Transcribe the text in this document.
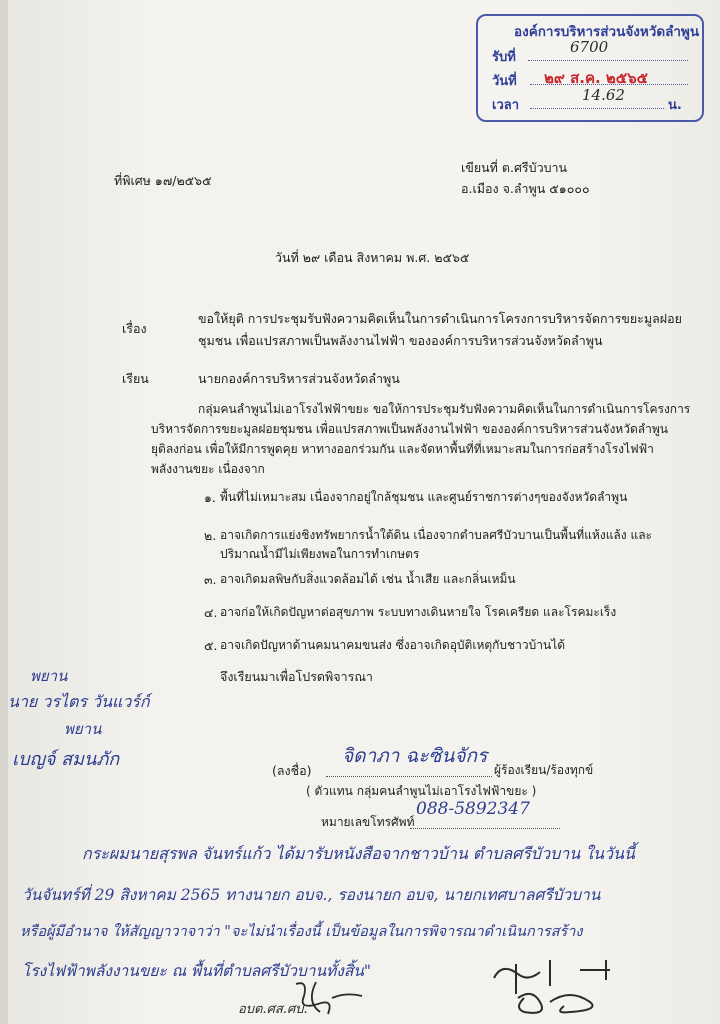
องค์การบริหารส่วนจังหวัดลำพูน
รับที่
6700
วันที่ ๒๙ ส.ค. ๒๕๖๕
เวลา
14.62
น.
ที่พิเศษ ๑๗/๒๕๖๕
เขียนที่ ต.ศรีบัวบาน
อ.เมือง จ.ลำพูน ๕๑๐๐๐
วันที่ ๒๙ เดือน สิงหาคม พ.ศ. ๒๕๖๕
เรื่อง
ขอให้ยุติ การประชุมรับฟังความคิดเห็นในการดำเนินการโครงการบริหารจัดการขยะมูลฝอย
ชุมชน เพื่อแปรสภาพเป็นพลังงานไฟฟ้า ขององค์การบริหารส่วนจังหวัดลำพูน
เรียน	นายกองค์การบริหารส่วนจังหวัดลำพูน
กลุ่มคนลำพูนไม่เอาโรงไฟฟ้าขยะ ขอให้การประชุมรับฟังความคิดเห็นในการดำเนินการโครงการ
บริหารจัดการขยะมูลฝอยชุมชน เพื่อแปรสภาพเป็นพลังงานไฟฟ้า ขององค์การบริหารส่วนจังหวัดลำพูน
ยุติลงก่อน เพื่อให้มีการพูดคุย หาทางออกร่วมกัน และจัดหาพื้นที่ที่เหมาะสมในการก่อสร้างโรงไฟฟ้า
พลังงานขยะ เนื่องจาก
๑. พื้นที่ไม่เหมาะสม เนื่องจากอยู่ใกล้ชุมชน และศูนย์ราชการต่างๆของจังหวัดลำพูน
๒. อาจเกิดการแย่งชิงทรัพยากรน้ำใต้ดิน เนื่องจากตำบลศรีบัวบานเป็นพื้นที่แห้งแล้ง และ
ปริมาณน้ำมีไม่เพียงพอในการทำเกษตร
๓. อาจเกิดมลพิษกับสิ่งแวดล้อมได้ เช่น น้ำเสีย และกลิ่นเหม็น
๔. อาจก่อให้เกิดปัญหาต่อสุขภาพ ระบบทางเดินหายใจ โรคเครียด และโรคมะเร็ง
๕. อาจเกิดปัญหาด้านคมนาคมขนส่ง ซึ่งอาจเกิดอุบัติเหตุกับชาวบ้านได้
จึงเรียนมาเพื่อโปรดพิจารณา
พยาน
นาย วรไตร วันแวร์ก์
พยาน
เบญจ์ สมนภัก
(ลงชื่อ)
จิดาภา ฉะซินจักร
ผู้ร้องเรียน/ร้องทุกข์
( ตัวแทน กลุ่มคนลำพูนไม่เอาโรงไฟฟ้าขยะ )
หมายเลขโทรศัพท์
088-5892347
กระผมนายสุรพล จันทร์แก้ว ได้มารับหนังสือจากชาวบ้าน ตำบลศรีบัวบาน ในวันนี้
วันจันทร์ที่ 29 สิงหาคม 2565 ทางนายก อบจ., รองนายก อบจ, นายกเทศบาลศรีบัวบาน
หรือผู้มีอำนาจ ให้สัญญาวาจาว่า "จะไม่นำเรื่องนี้ เป็นข้อมูลในการพิจารณาดำเนินการสร้าง
โรงไฟฟ้าพลังงานขยะ ณ พื้นที่ตำบลศรีบัวบานทั้งสิ้น"
อบต.ศส.ศบ.
